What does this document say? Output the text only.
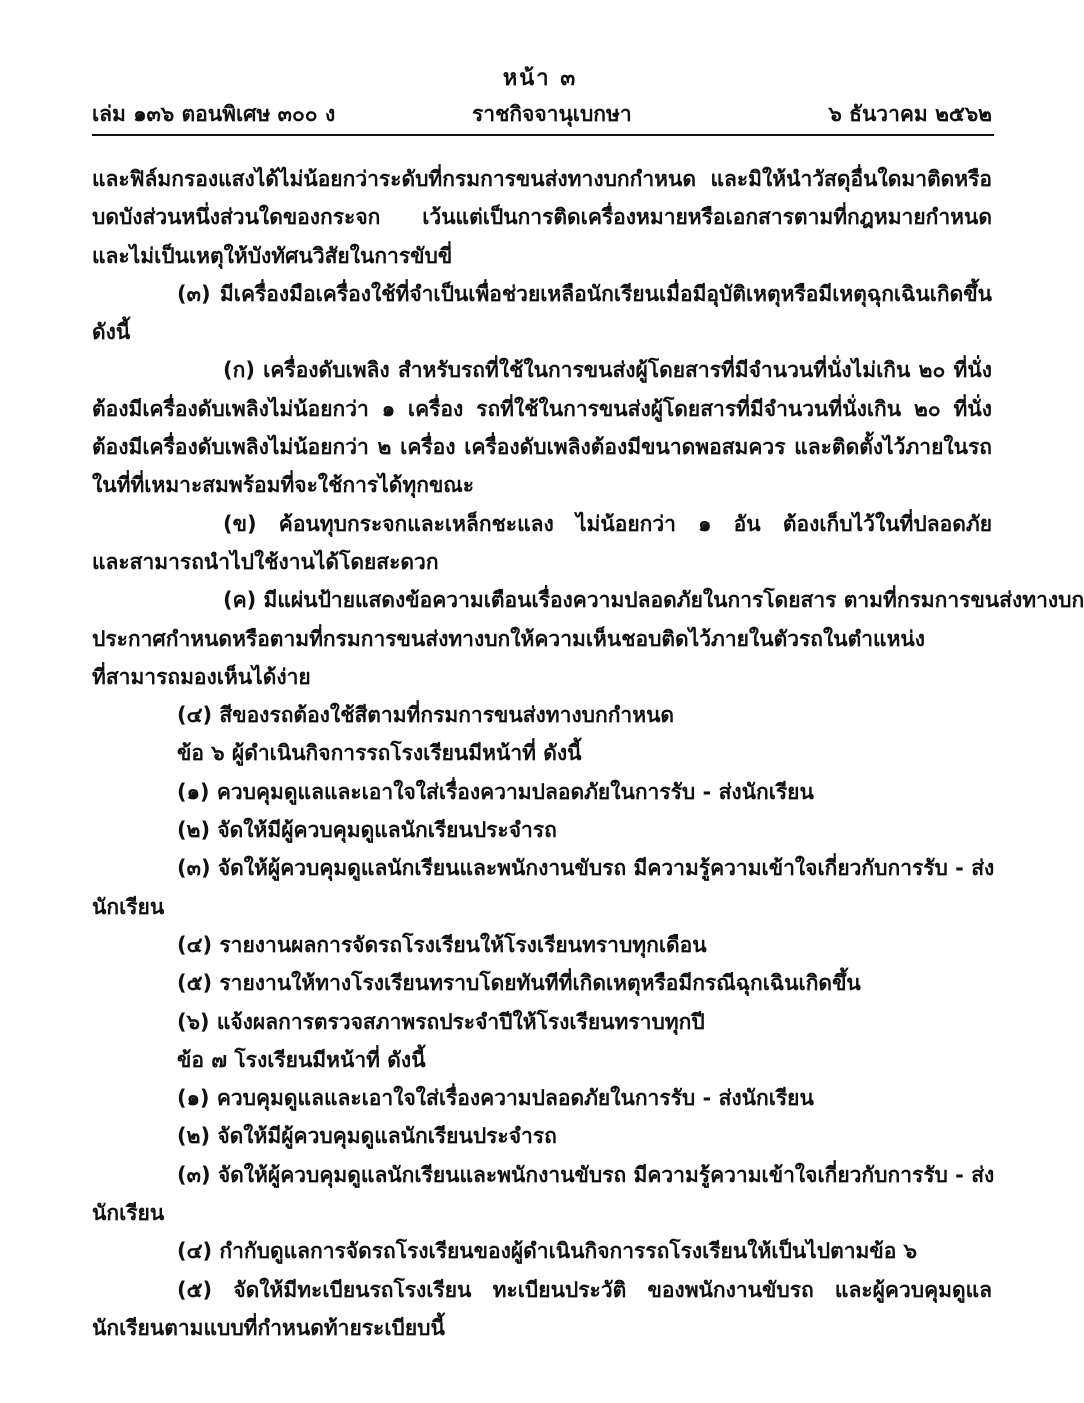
หน้า ๓
เล่ม ๑๓๖ ตอนพิเศษ ๓๐๐ ง	ราชกิจจานุเบกษา	๖ ธันวาคม ๒๕๖๒
และฟิล์มกรองแสงได้ไม่น้อยกว่าระดับที่กรมการขนส่งทางบกกำหนด และมิให้นำวัสดุอื่นใดมาติดหรือ
บดบังส่วนหนึ่งส่วนใดของกระจก เว้นแต่เป็นการติดเครื่องหมายหรือเอกสารตามที่กฎหมายกำหนด
และไม่เป็นเหตุให้บังทัศนวิสัยในการขับขี่
(๓) มีเครื่องมือเครื่องใช้ที่จำเป็นเพื่อช่วยเหลือนักเรียนเมื่อมีอุบัติเหตุหรือมีเหตุฉุกเฉินเกิดขึ้น
ดังนี้
(ก) เครื่องดับเพลิง สำหรับรถที่ใช้ในการขนส่งผู้โดยสารที่มีจำนวนที่นั่งไม่เกิน ๒๐ ที่นั่ง
ต้องมีเครื่องดับเพลิงไม่น้อยกว่า ๑ เครื่อง รถที่ใช้ในการขนส่งผู้โดยสารที่มีจำนวนที่นั่งเกิน ๒๐ ที่นั่ง
ต้องมีเครื่องดับเพลิงไม่น้อยกว่า ๒ เครื่อง เครื่องดับเพลิงต้องมีขนาดพอสมควร และติดตั้งไว้ภายในรถ
ในที่ที่เหมาะสมพร้อมที่จะใช้การได้ทุกขณะ
(ข) ค้อนทุบกระจกและเหล็กชะแลง ไม่น้อยกว่า ๑ อัน ต้องเก็บไว้ในที่ปลอดภัย
และสามารถนำไปใช้งานได้โดยสะดวก
(ค) มีแผ่นป้ายแสดงข้อความเตือนเรื่องความปลอดภัยในการโดยสาร ตามที่กรมการขนส่งทางบก
ประกาศกำหนดหรือตามที่กรมการขนส่งทางบกให้ความเห็นชอบติดไว้ภายในตัวรถในตำแหน่ง
ที่สามารถมองเห็นได้ง่าย
(๔) สีของรถต้องใช้สีตามที่กรมการขนส่งทางบกกำหนด
ข้อ ๖ ผู้ดำเนินกิจการรถโรงเรียนมีหน้าที่ ดังนี้
(๑) ควบคุมดูแลและเอาใจใส่เรื่องความปลอดภัยในการรับ - ส่งนักเรียน
(๒) จัดให้มีผู้ควบคุมดูแลนักเรียนประจำรถ
(๓) จัดให้ผู้ควบคุมดูแลนักเรียนและพนักงานขับรถ มีความรู้ความเข้าใจเกี่ยวกับการรับ - ส่ง
นักเรียน
(๔) รายงานผลการจัดรถโรงเรียนให้โรงเรียนทราบทุกเดือน
(๕) รายงานให้ทางโรงเรียนทราบโดยทันทีที่เกิดเหตุหรือมีกรณีฉุกเฉินเกิดขึ้น
(๖) แจ้งผลการตรวจสภาพรถประจำปีให้โรงเรียนทราบทุกปี
ข้อ ๗ โรงเรียนมีหน้าที่ ดังนี้
(๑) ควบคุมดูแลและเอาใจใส่เรื่องความปลอดภัยในการรับ - ส่งนักเรียน
(๒) จัดให้มีผู้ควบคุมดูแลนักเรียนประจำรถ
(๓) จัดให้ผู้ควบคุมดูแลนักเรียนและพนักงานขับรถ มีความรู้ความเข้าใจเกี่ยวกับการรับ - ส่ง
นักเรียน
(๔) กำกับดูแลการจัดรถโรงเรียนของผู้ดำเนินกิจการรถโรงเรียนให้เป็นไปตามข้อ ๖
(๕) จัดให้มีทะเบียนรถโรงเรียน ทะเบียนประวัติ ของพนักงานขับรถ และผู้ควบคุมดูแล
นักเรียนตามแบบที่กำหนดท้ายระเบียบนี้
